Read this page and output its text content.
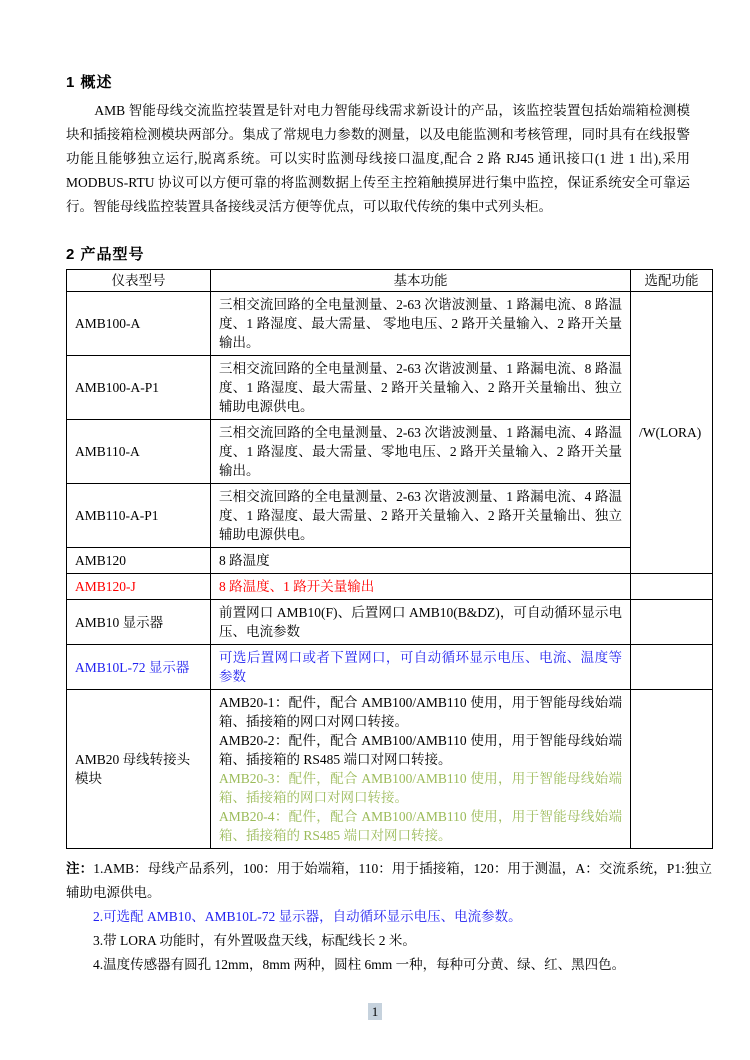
1 概述

AMB 智能母线交流监控装置是针对电力智能母线需求新设计的产品，该监控装置包括始端箱检测模块和插接箱检测模块两部分。集成了常规电力参数的测量，以及电能监测和考核管理，同时具有在线报警功能且能够独立运行,脱离系统。可以实时监测母线接口温度,配合 2 路 RJ45 通讯接口(1 进 1 出),采用 MODBUS-RTU 协议可以方便可靠的将监测数据上传至主控箱触摸屏进行集中监控，保证系统安全可靠运行。智能母线监控装置具备接线灵活方便等优点，可以取代传统的集中式列头柜。

2 产品型号
仪表型号	基本功能	选配功能
AMB100-A	三相交流回路的全电量测量、2-63 次谐波测量、1 路漏电流、8 路温度、1 路湿度、最大需量、 零地电压、2 路开关量输入、2 路开关量输出。	/W(LORA)
AMB100-A-P1	三相交流回路的全电量测量、2-63 次谐波测量、1 路漏电流、8 路温度、1 路湿度、最大需量、2 路开关量输入、2 路开关量输出、独立辅助电源供电。	

AMB110-A	三相交流回路的全电量测量、2-63 次谐波测量、1 路漏电流、4 路温度、1 路湿度、最大需量、零地电压、2 路开关量输入、2 路开关量输出。	

AMB110-A-P1	三相交流回路的全电量测量、2-63 次谐波测量、1 路漏电流、4 路温度、1 路湿度、最大需量、2 路开关量输入、2 路开关量输出、独立辅助电源供电。	

AMB120	8 路温度	

AMB120-J	8 路温度、1 路开关量输出	

AMB10 显示器	前置网口 AMB10(F)、后置网口 AMB10(B&DZ)，可自动循环显示电压、电流参数	

AMB10L-72 显示器	可选后置网口或者下置网口，可自动循环显示电压、电流、温度等参数	

AMB20 母线转接头模块	AMB20-1：配件，配合 AMB100/AMB110 使用，用于智能母线始端箱、插接箱的网口对网口转接。
AMB20-2：配件，配合 AMB100/AMB110 使用，用于智能母线始端箱、插接箱的 RS485 端口对网口转接。
AMB20-3：配件，配合 AMB100/AMB110 使用，用于智能母线始端箱、插接箱的网口对网口转接。
AMB20-4：配件，配合 AMB100/AMB110 使用，用于智能母线始端箱、插接箱的 RS485 端口对网口转接。	

注：1.AMB：母线产品系列，100：用于始端箱，110：用于插接箱，120：用于测温，A：交流系统，P1:独立辅助电源供电。

2.可选配 AMB10、AMB10L-72 显示器，自动循环显示电压、电流参数。

3.带 LORA 功能时，有外置吸盘天线，标配线长 2 米。

4.温度传感器有圆孔 12mm，8mm 两种，圆柱 6mm 一种，每种可分黄、绿、红、黑四色。

1
